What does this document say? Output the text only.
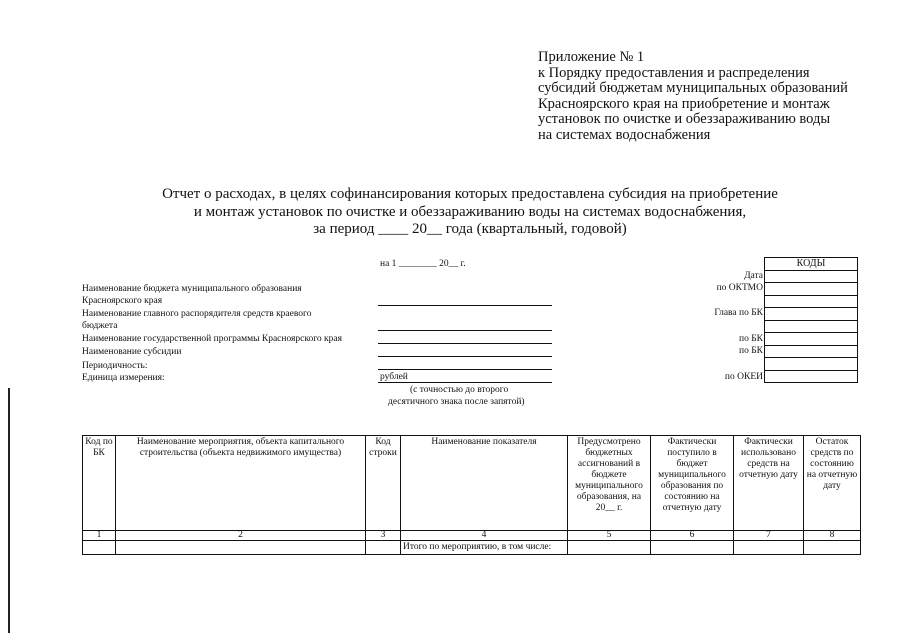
Приложение № 1
к Порядку предоставления и распределения
субсидий бюджетам муниципальных образований
Красноярского края на приобретение и монтаж
установок по очистке и обеззараживанию воды
на системах водоснабжения
Отчет о расходах, в целях софинансирования которых предоставлена субсидия на приобретение
и монтаж установок по очистке и обеззараживанию воды на системах водоснабжения,
за период ____ 20__ года (квартальный, годовой)
на 1 ________ 20__ г.
Наименование бюджета муниципального образования
Красноярского края
Наименование главного распорядителя средств краевого
бюджета
Наименование государственной программы Красноярского края
Наименование субсидии
Периодичность:
Единица измерения:	рублей
(с точностью до второго
десятичного знака после запятой)
Дата
по ОКТМО
Глава по БК
по БК
по БК
по ОКЕИ
КОДЫ

Код по БК	Наименование мероприятия, объекта капитального строительства (объекта недвижимого имущества)	Код строки	Наименование показателя	Предусмотрено бюджетных ассигнований в бюджете муниципального образования, на 20__ г.	Фактически поступило в бюджет муниципального образования по состоянию на отчетную дату	Фактически использовано средств на отчетную дату	Остаток средств по состоянию на отчетную дату
1	2	3	4	5	6	7	8
			Итого по мероприятию, в том числе:				
